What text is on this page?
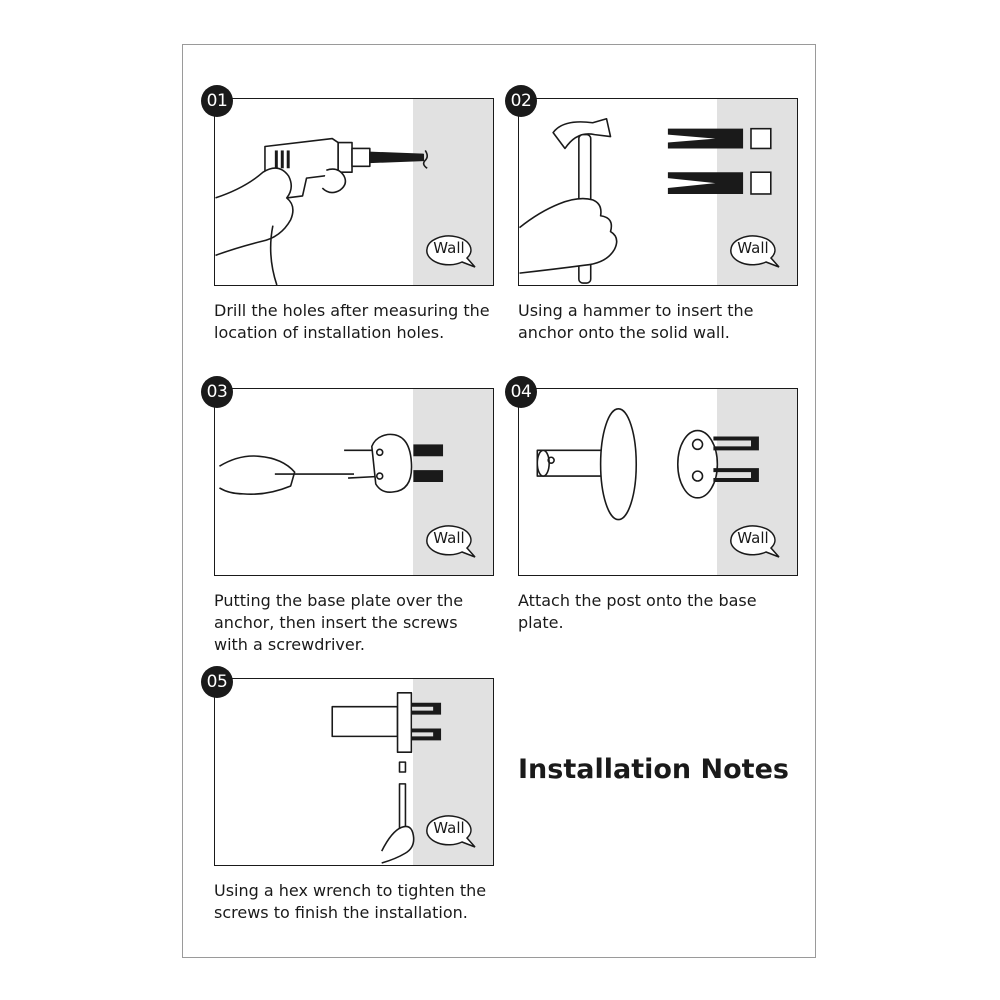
01
Wall

Drill the holes after measuring the location of installation holes.

02
Wall

Using a hammer to insert the anchor onto the solid wall.

03
Wall

Putting the base plate over the anchor, then insert the screws with a screwdriver.

04
Wall

Attach the post onto the base plate.

05
Wall

Using a hex wrench to tighten the screws to finish the installation.

Installation Notes
